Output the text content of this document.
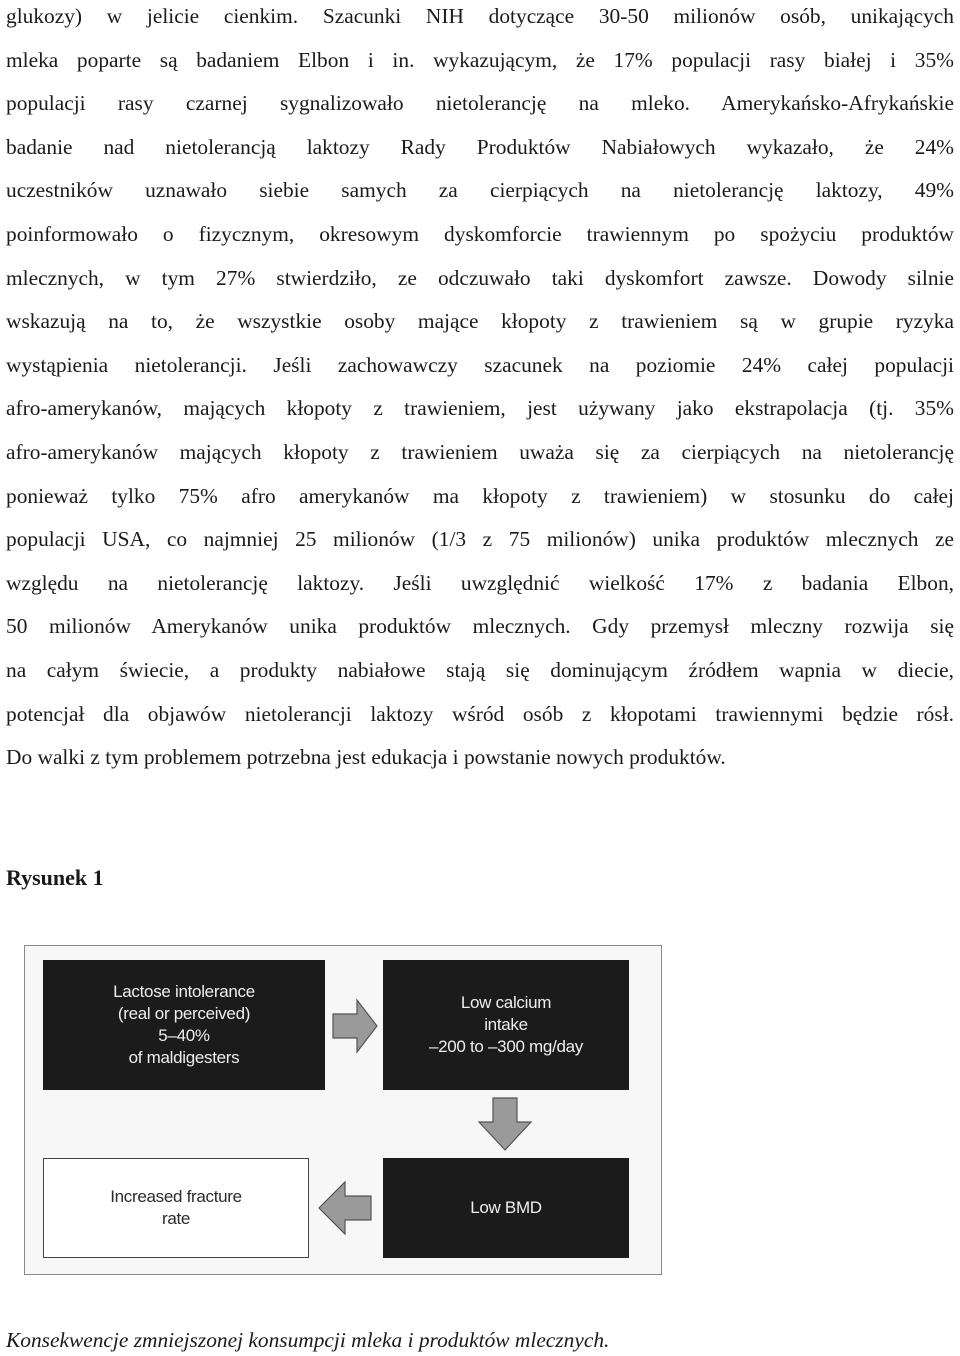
glukozy) w jelicie cienkim. Szacunki NIH dotyczące 30-50 milionów osób, unikających
mleka poparte są badaniem Elbon i in. wykazującym, że 17% populacji rasy białej i 35%
populacji rasy czarnej sygnalizowało nietolerancję na mleko. Amerykańsko-Afrykańskie
badanie nad nietolerancją laktozy Rady Produktów Nabiałowych wykazało, że 24%
uczestników uznawało siebie samych za cierpiących na nietolerancję laktozy, 49%
poinformowało o fizycznym, okresowym dyskomforcie trawiennym po spożyciu produktów
mlecznych, w tym 27% stwierdziło, ze odczuwało taki dyskomfort zawsze. Dowody silnie
wskazują na to, że wszystkie osoby mające kłopoty z trawieniem są w grupie ryzyka
wystąpienia nietolerancji. Jeśli zachowawczy szacunek na poziomie 24% całej populacji
afro-amerykanów, mających kłopoty z trawieniem, jest używany jako ekstrapolacja (tj. 35%
afro-amerykanów mających kłopoty z trawieniem uważa się za cierpiących na nietolerancję
ponieważ tylko 75% afro amerykanów ma kłopoty z trawieniem) w stosunku do całej
populacji USA, co najmniej 25 milionów (1/3 z 75 milionów) unika produktów mlecznych ze
względu na nietolerancję laktozy. Jeśli uwzględnić wielkość 17% z badania Elbon,
50 milionów Amerykanów unika produktów mlecznych. Gdy przemysł mleczny rozwija się
na całym świecie, a produkty nabiałowe stają się dominującym źródłem wapnia w diecie,
potencjał dla objawów nietolerancji laktozy wśród osób z kłopotami trawiennymi będzie rósł.
Do walki z tym problemem potrzebna jest edukacja i powstanie nowych produktów.
Rysunek 1
Lactose intolerance
(real or perceived)
5–40%
of maldigesters
Low calcium
intake
–200 to –300 mg/day
Low BMD
Increased fracture
rate

Konsekwencje zmniejszonej konsumpcji mleka i produktów mlecznych.
